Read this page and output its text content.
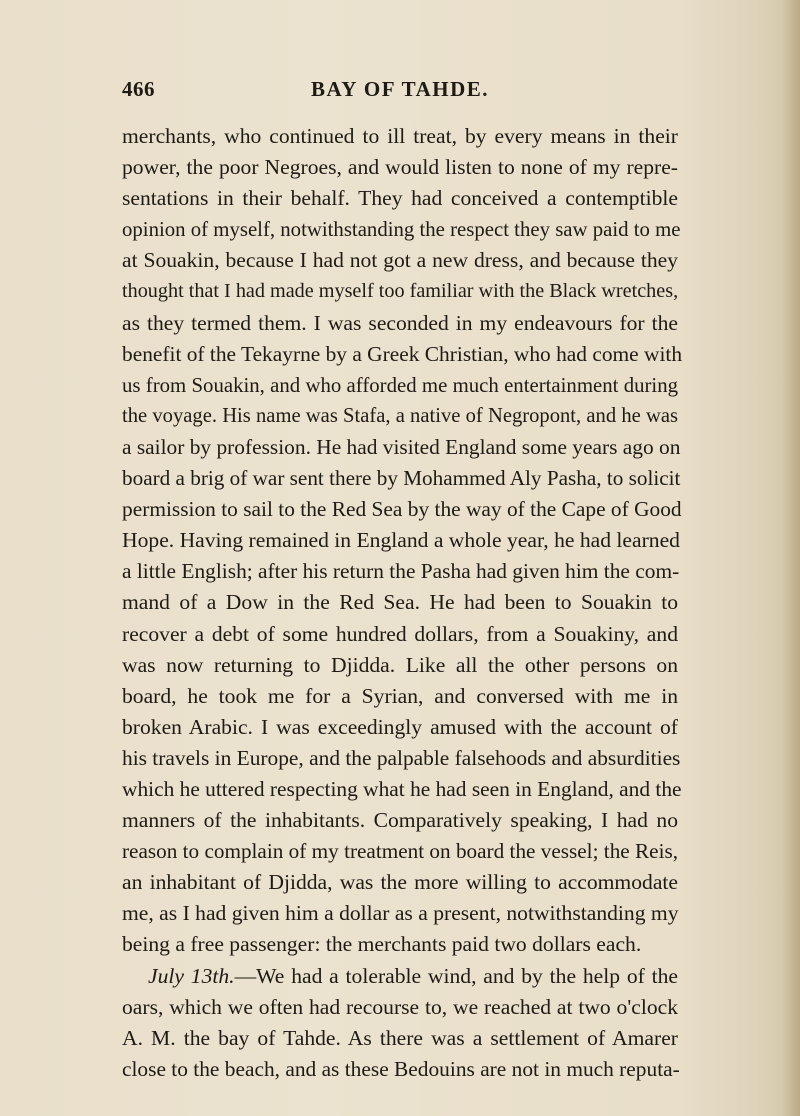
466	BAY OF TAHDE.
merchants, who continued to ill treat, by every means in their
power, the poor Negroes, and would listen to none of my repre-
sentations in their behalf. They had conceived a contemptible
opinion of myself, notwithstanding the respect they saw paid to me
at Souakin, because I had not got a new dress, and because they
thought that I had made myself too familiar with the Black wretches,
as they termed them. I was seconded in my endeavours for the
benefit of the Tekayrne by a Greek Christian, who had come with
us from Souakin, and who afforded me much entertainment during
the voyage. His name was Stafa, a native of Negropont, and he was
a sailor by profession. He had visited England some years ago on
board a brig of war sent there by Mohammed Aly Pasha, to solicit
permission to sail to the Red Sea by the way of the Cape of Good
Hope. Having remained in England a whole year, he had learned
a little English; after his return the Pasha had given him the com-
mand of a Dow in the Red Sea. He had been to Souakin to
recover a debt of some hundred dollars, from a Souakiny, and
was now returning to Djidda. Like all the other persons on
board, he took me for a Syrian, and conversed with me in
broken Arabic. I was exceedingly amused with the account of
his travels in Europe, and the palpable falsehoods and absurdities
which he uttered respecting what he had seen in England, and the
manners of the inhabitants. Comparatively speaking, I had no
reason to complain of my treatment on board the vessel; the Reis,
an inhabitant of Djidda, was the more willing to accommodate
me, as I had given him a dollar as a present, notwithstanding my
being a free passenger: the merchants paid two dollars each.
July 13th.—We had a tolerable wind, and by the help of the
oars, which we often had recourse to, we reached at two o'clock
A. M. the bay of Tahde. As there was a settlement of Amarer
close to the beach, and as these Bedouins are not in much reputa-
